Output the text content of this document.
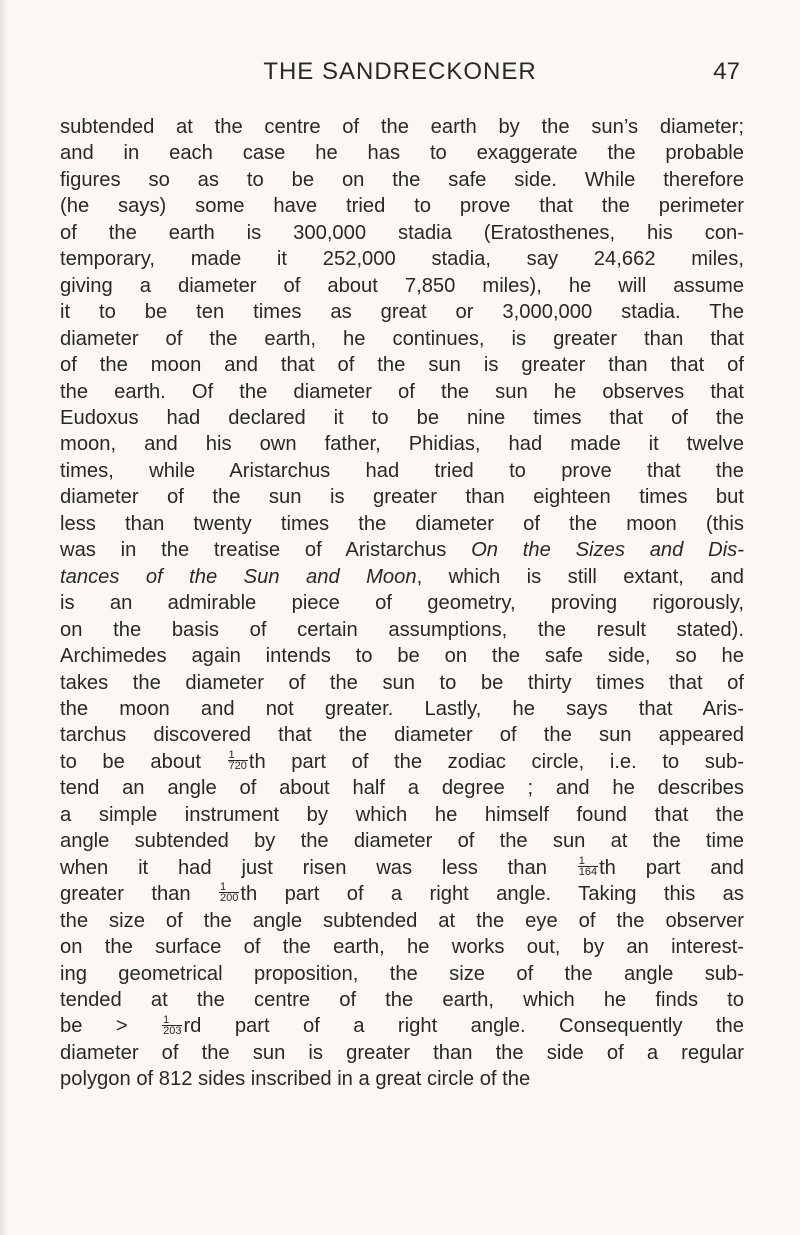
THE SANDRECKONER	47
subtended at the centre of the earth by the sun’s diameter;
and in each case he has to exaggerate the probable
figures so as to be on the safe side. While therefore
(he says) some have tried to prove that the perimeter
of the earth is 300,000 stadia (Eratosthenes, his con-
temporary, made it 252,000 stadia, say 24,662 miles,
giving a diameter of about 7,850 miles), he will assume
it to be ten times as great or 3,000,000 stadia. The
diameter of the earth, he continues, is greater than that
of the moon and that of the sun is greater than that of
the earth. Of the diameter of the sun he observes that
Eudoxus had declared it to be nine times that of the
moon, and his own father, Phidias, had made it twelve
times, while Aristarchus had tried to prove that the
diameter of the sun is greater than eighteen times but
less than twenty times the diameter of the moon (this
was in the treatise of Aristarchus On the Sizes and Dis-
tances of the Sun and Moon, which is still extant, and
is an admirable piece of geometry, proving rigorously,
on the basis of certain assumptions, the result stated).
Archimedes again intends to be on the safe side, so he
takes the diameter of the sun to be thirty times that of
the moon and not greater. Lastly, he says that Aris-
tarchus discovered that the diameter of the sun appeared
to be about $\frac{1}{720}$ th part of the zodiac circle, i.e. to sub-
tend an angle of about half a degree ; and he describes
a simple instrument by which he himself found that the
angle subtended by the diameter of the sun at the time
when it had just risen was less than $\frac{1}{164}$ th part and
greater than $\frac{1}{200}$ th part of a right angle. Taking this as
the size of the angle subtended at the eye of the observer
on the surface of the earth, he works out, by an interest-
ing geometrical proposition, the size of the angle sub-
tended at the centre of the earth, which he finds to
be > $\frac{1}{203}$ rd part of a right angle. Consequently the
diameter of the sun is greater than the side of a regular
polygon of 812 sides inscribed in a great circle of the
